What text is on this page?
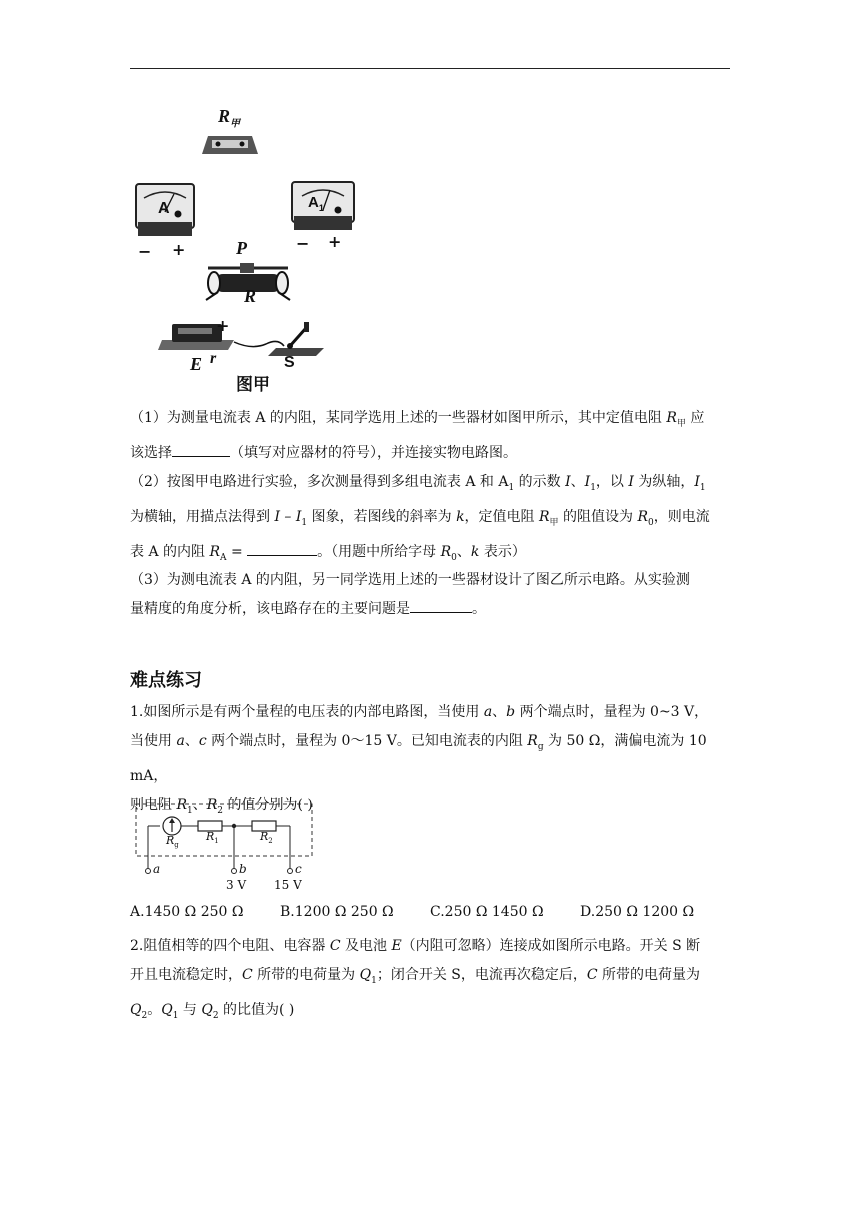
$R_甲$
A
− +
$A_1$
− +
P
R
+
E r	S
图甲

（1）为测量电流表 A 的内阻，某同学选用上述的一些器材如图甲所示，其中定值电阻 $R_甲$ 应

该选择	（填写对应器材的符号），并连接实物电路图。

（2）按图甲电路进行实验，多次测量得到多组电流表 A 和 $A_1$ 的示数 I、$I_1$，以 I 为纵轴，$I_1$

为横轴，用描点法得到 I – $I_1$ 图象，若图线的斜率为 k，定值电阻 $R_甲$ 的阻值设为 $R_0$，则电流

表 A 的内阻 $R_A$ =	。（用题中所给字母 $R_0$、k 表示）

（3）为测电流表 A 的内阻，另一同学选用上述的一些器材设计了图乙所示电路。从实验测

量精度的角度分析，该电路存在的主要问题是	。

难点练习

1.如图所示是有两个量程的电压表的内部电路图，当使用 a、b 两个端点时，量程为 0~3 V，

当使用 a、c 两个端点时，量程为 0～15 V。已知电流表的内阻 $R_g$ 为 50 Ω，满偏电流为 10 mA，

则电阻 $R_1$、$R_2$ 的值分别为( )

$R_g$
$R_1$	$R_2$
a	b	c
3 V 15 V
A.1450 Ω 250 Ω	B.1200 Ω 250 Ω	C.250 Ω 1450 Ω	D.250 Ω 1200 Ω

2.阻值相等的四个电阻、电容器 C 及电池 E（内阻可忽略）连接成如图所示电路。开关 S 断

开且电流稳定时，C 所带的电荷量为 $Q_1$；闭合开关 S，电流再次稳定后，C 所带的电荷量为

$Q_2$。$Q_1$ 与 $Q_2$ 的比值为( )
